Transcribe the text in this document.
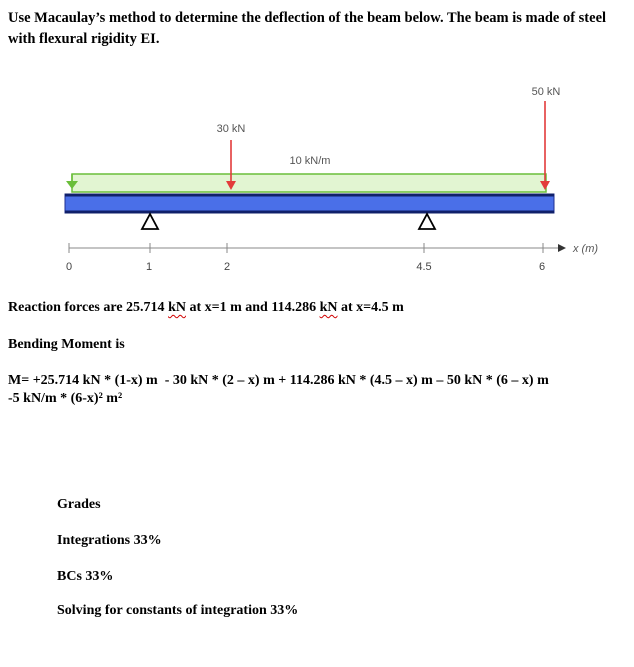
Use Macaulay’s method to determine the deflection of the beam below. The beam is made of steel with flexural rigidity EI.
10 kN/m
30 kN
50 kN
x (m)
0	1	2	4.5	6
Reaction forces are 25.714 kN at x=1 m and 114.286 kN at x=4.5 m
Bending Moment is
M= +25.714 kN * (1-x) m  - 30 kN * (2 – x) m + 114.286 kN * (4.5 – x) m – 50 kN * (6 – x) m
-5 kN/m * (6-x)² m²
Grades
Integrations 33%
BCs 33%
Solving for constants of integration 33%
